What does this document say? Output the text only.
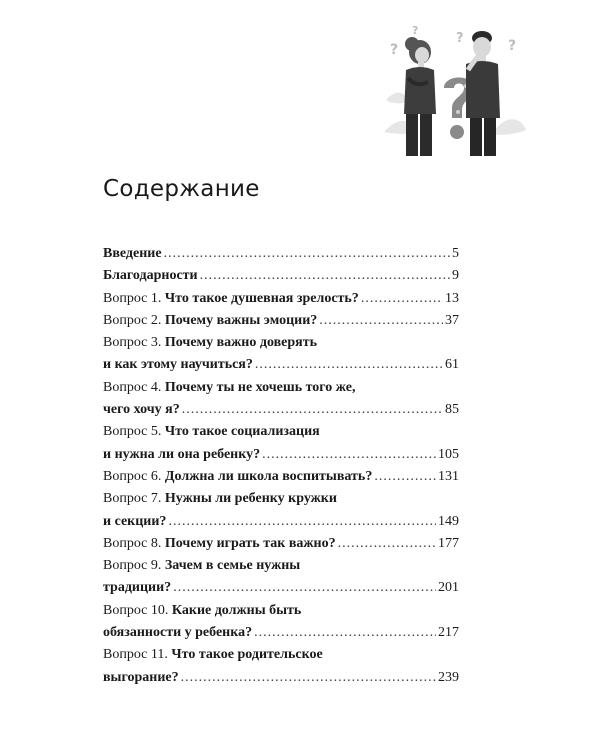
?
?	?
?
Содержание
Введение .....	5
Благодарности .....	9
Вопрос 1. Что такое душевная зрелость? .....	13
Вопрос 2. Почему важны эмоции? .....	37
Вопрос 3. Почему важно доверять
и как этому научиться? .....	61
Вопрос 4. Почему ты не хочешь того же,
чего хочу я? .....	85
Вопрос 5. Что такое социализация
и нужна ли она ребенку? .....	105
Вопрос 6. Должна ли школа воспитывать? .....	131
Вопрос 7. Нужны ли ребенку кружки
и секции? .....	149
Вопрос 8. Почему играть так важно? .....	177
Вопрос 9. Зачем в семье нужны
традиции? .....	201
Вопрос 10. Какие должны быть
обязанности у ребенка? .....	217
Вопрос 11. Что такое родительское
выгорание? .....	239
